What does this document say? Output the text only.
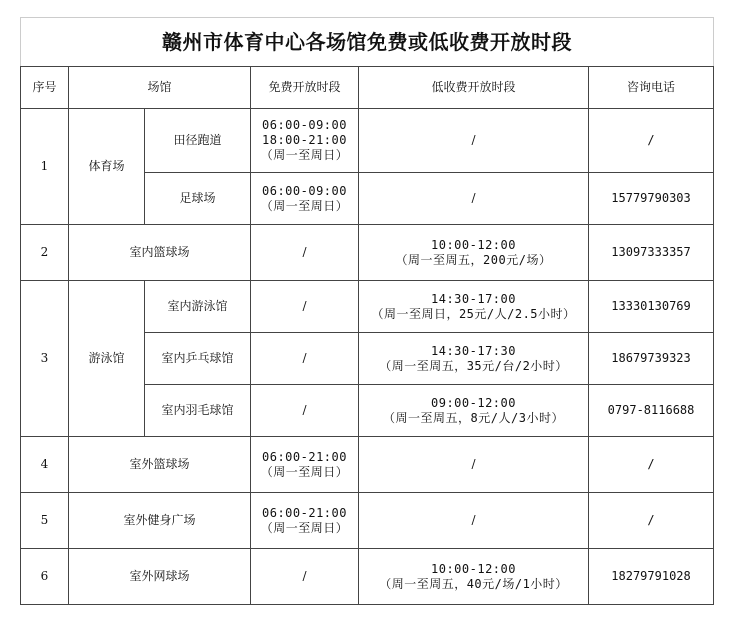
赣州市体育中心各场馆免费或低收费开放时段					
序号	场馆		免费开放时段	低收费开放时段	咨询电话
1	体育场	田径跑道	06:00-09:00
18:00-21:00
（周一至周日）	/	/
		足球场	06:00-09:00
（周一至周日）	/	15779790303
2	室内篮球场		/	10:00-12:00
（周一至周五，200元/场）	13097333357
3	游泳馆	室内游泳馆	/	14:30-17:00
（周一至周日，25元/人/2.5小时）	13330130769
		室内乒乓球馆	/	14:30-17:30
（周一至周五，35元/台/2小时）	18679739323
		室内羽毛球馆	/	09:00-12:00
（周一至周五，8元/人/3小时）	0797-8116688
4	室外篮球场		06:00-21:00
（周一至周日）	/	/
5	室外健身广场		06:00-21:00
（周一至周日）	/	/
6	室外网球场		/	10:00-12:00
（周一至周五，40元/场/1小时）	18279791028
